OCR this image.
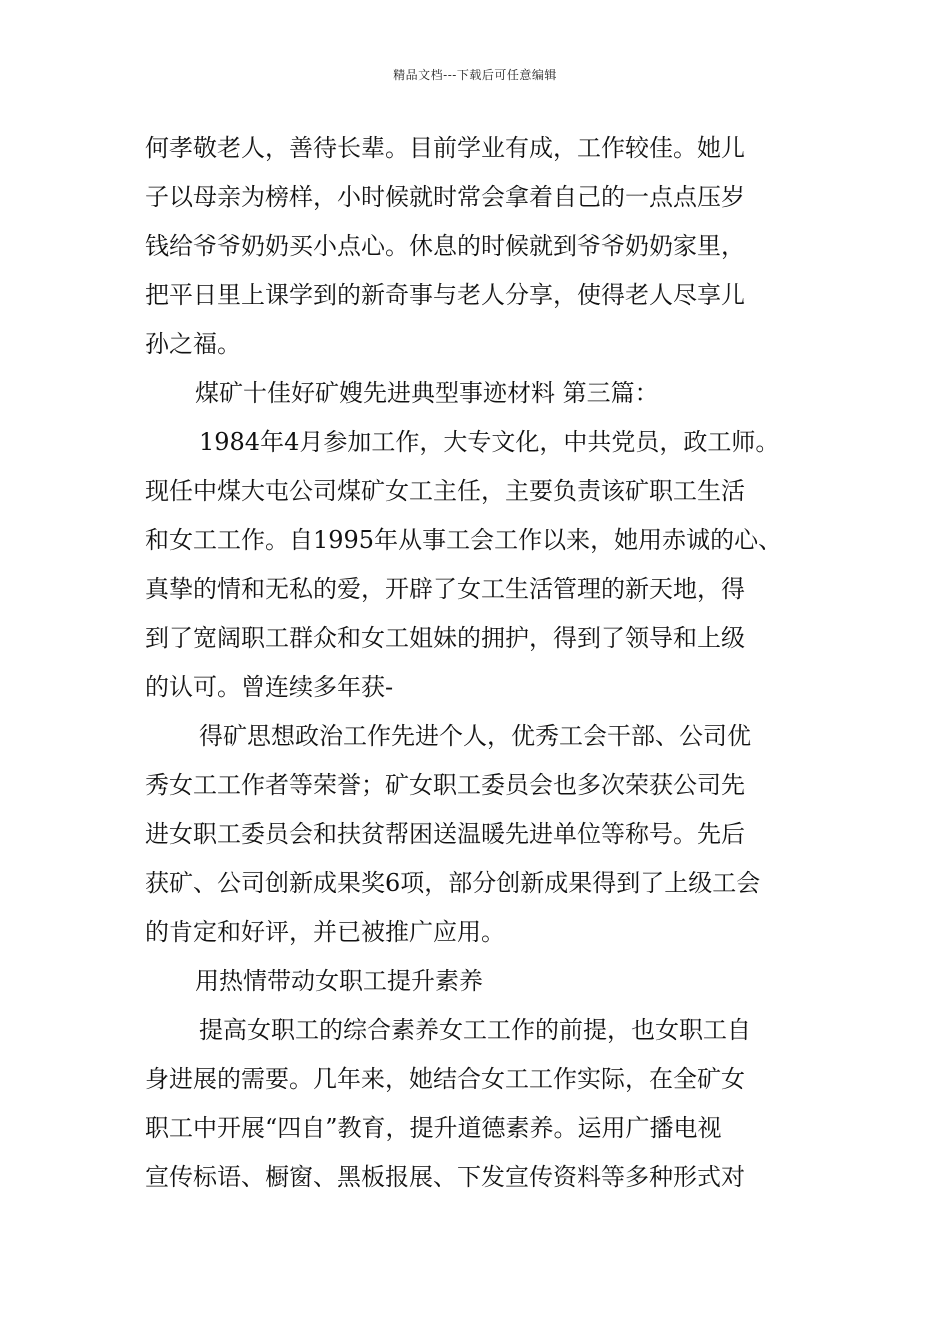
精品文档---下载后可任意编辑
何孝敬老人，善待长辈。目前学业有成，工作较佳。她儿
子以母亲为榜样，小时候就时常会拿着自己的一点点压岁
钱给爷爷奶奶买小点心。休息的时候就到爷爷奶奶家里，
把平日里上课学到的新奇事与老人分享，使得老人尽享儿
孙之福。
煤矿十佳好矿嫂先进典型事迹材料 第三篇：
1984年4月参加工作，大专文化，中共党员，政工师。
现任中煤大屯公司煤矿女工主任，主要负责该矿职工生活
和女工工作。自1995年从事工会工作以来，她用赤诚的心、
真挚的情和无私的爱，开辟了女工生活管理的新天地，得
到了宽阔职工群众和女工姐妹的拥护，得到了领导和上级
的认可。曾连续多年获-
得矿思想政治工作先进个人，优秀工会干部、公司优
秀女工工作者等荣誉；矿女职工委员会也多次荣获公司先
进女职工委员会和扶贫帮困送温暖先进单位等称号。先后
获矿、公司创新成果奖6项，部分创新成果得到了上级工会
的肯定和好评，并已被推广应用。
用热情带动女职工提升素养
提高女职工的综合素养女工工作的前提，也女职工自
身进展的需要。几年来，她结合女工工作实际，在全矿女
职工中开展“四自”教育，提升道德素养。运用广播电视
宣传标语、橱窗、黑板报展、下发宣传资料等多种形式对
